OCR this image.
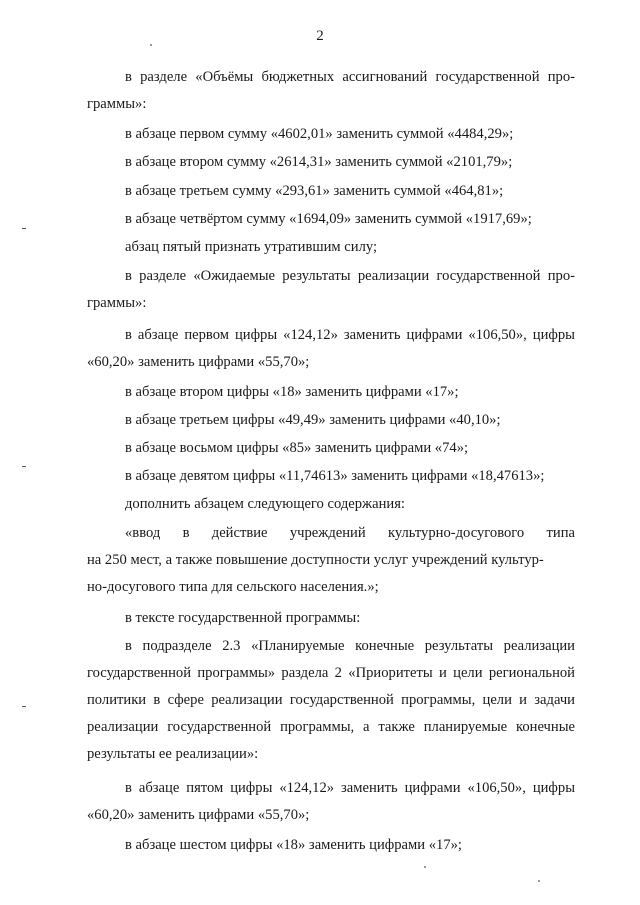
2
в разделе «Объёмы бюджетных ассигнований государственной про-
граммы»:
в абзаце первом сумму «4602,01» заменить суммой «4484,29»;
в абзаце втором сумму «2614,31» заменить суммой «2101,79»;
в абзаце третьем сумму «293,61» заменить суммой «464,81»;
в абзаце четвёртом сумму «1694,09» заменить суммой «1917,69»;
абзац пятый признать утратившим силу;
в разделе «Ожидаемые результаты реализации государственной про-
граммы»:
в абзаце первом цифры «124,12» заменить цифрами «106,50», цифры
«60,20» заменить цифрами «55,70»;
в абзаце втором цифры «18» заменить цифрами «17»;
в абзаце третьем цифры «49,49» заменить цифрами «40,10»;
в абзаце восьмом цифры «85» заменить цифрами «74»;
в абзаце девятом цифры «11,74613» заменить цифрами «18,47613»;
дополнить абзацем следующего содержания:
«ввод в действие учреждений культурно-досугового типа
на 250 мест, а также повышение доступности услуг учреждений культур-
но-досугового типа для сельского населения.»;
в тексте государственной программы:
в подразделе 2.3 «Планируемые конечные результаты реализации
государственной программы» раздела 2 «Приоритеты и цели региональной
политики в сфере реализации государственной программы, цели и задачи
реализации государственной программы, а также планируемые конечные
результаты ее реализации»:
в абзаце пятом цифры «124,12» заменить цифрами «106,50», цифры
«60,20» заменить цифрами «55,70»;
в абзаце шестом цифры «18» заменить цифрами «17»;
